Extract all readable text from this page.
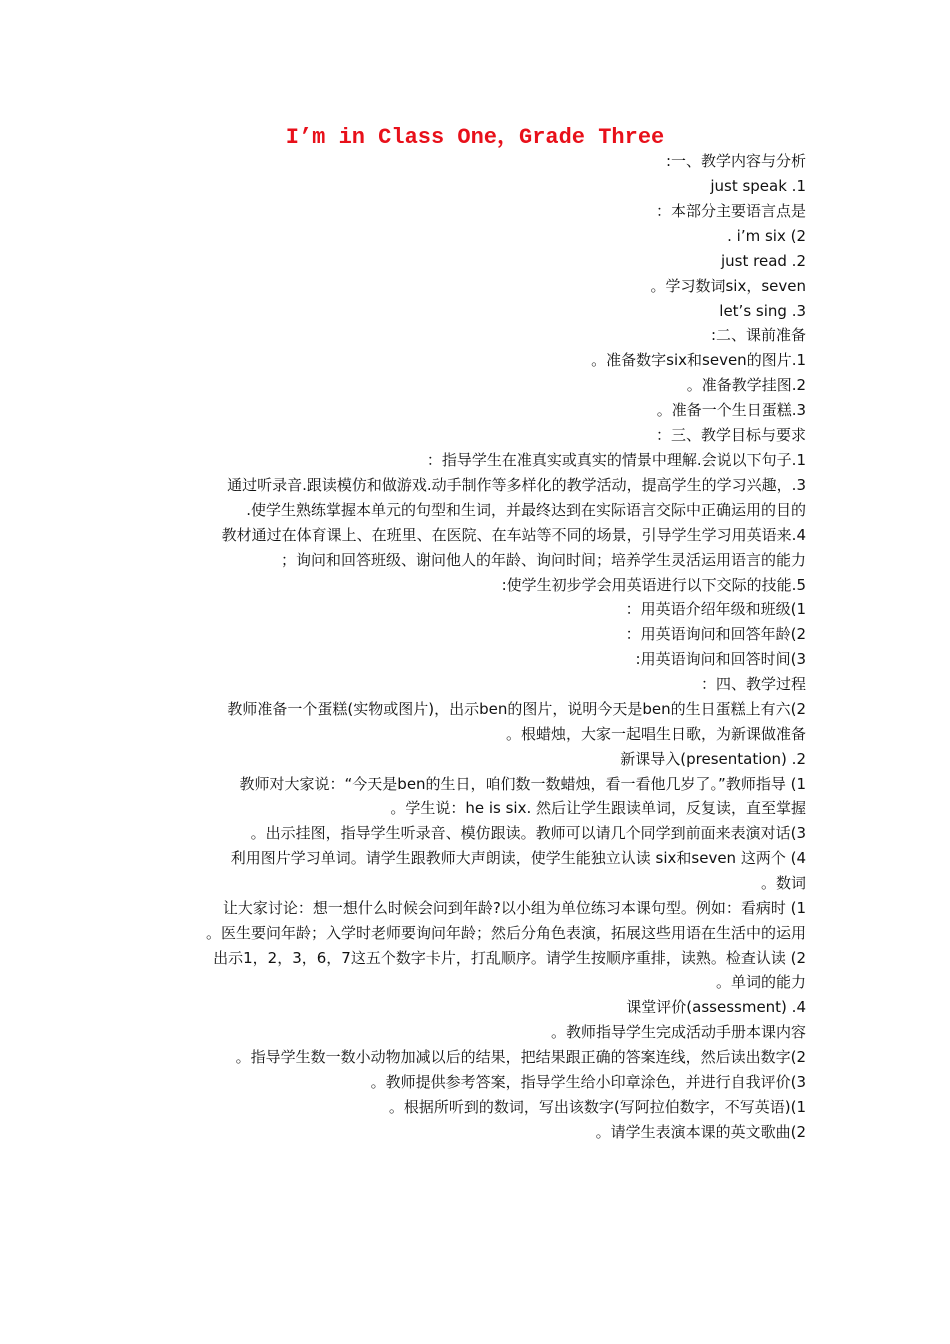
I’m in Class One，Grade Three
:一、教学内容与分析
just speak .1
：本部分主要语言点是
. i’m six (2
just read .2
。学习数词six，seven
let’s sing .3
:二、课前准备
。准备数字six和seven的图片.1
。准备教学挂图.2
。准备一个生日蛋糕.3
：三、教学目标与要求
：指导学生在准真实或真实的情景中理解.会说以下句子.1
通过听录音.跟读模仿和做游戏.动手制作等多样化的教学活动，提高学生的学习兴趣，.3
.使学生熟练掌握本单元的句型和生词，并最终达到在实际语言交际中正确运用的目的
教材通过在体育课上、在班里、在医院、在车站等不同的场景，引导学生学习用英语来.4
；询问和回答班级、谢问他人的年龄、询问时间；培养学生灵活运用语言的能力
:使学生初步学会用英语进行以下交际的技能.5
：用英语介绍年级和班级(1
：用英语询问和回答年龄(2
:用英语询问和回答时间(3
：四、教学过程
教师准备一个蛋糕(实物或图片)，出示ben的图片，说明今天是ben的生日蛋糕上有六(2
。根蜡烛，大家一起唱生日歌，为新课做准备
新课导入(presentation) .2
教师对大家说：“今天是ben的生日，咱们数一数蜡烛，看一看他几岁了。”教师指导 (1
。学生说：he is six. 然后让学生跟读单词，反复读，直至掌握
。出示挂图，指导学生听录音、模仿跟读。教师可以请几个同学到前面来表演对话(3
利用图片学习单词。请学生跟教师大声朗读，使学生能独立认读 six和seven 这两个 (4
。数词
让大家讨论：想一想什么时候会问到年龄?以小组为单位练习本课句型。例如：看病时 (1
。医生要问年龄；入学时老师要询问年龄；然后分角色表演，拓展这些用语在生活中的运用
出示1，2，3，6，7这五个数字卡片，打乱顺序。请学生按顺序重排，读熟。检查认读 (2
。单词的能力
课堂评价(assessment) .4
。教师指导学生完成活动手册本课内容
。指导学生数一数小动物加减以后的结果，把结果跟正确的答案连线，然后读出数字(2
。教师提供参考答案，指导学生给小印章涂色，并进行自我评价(3
。根据所听到的数词，写出该数字(写阿拉伯数字，不写英语)(1
。请学生表演本课的英文歌曲(2
